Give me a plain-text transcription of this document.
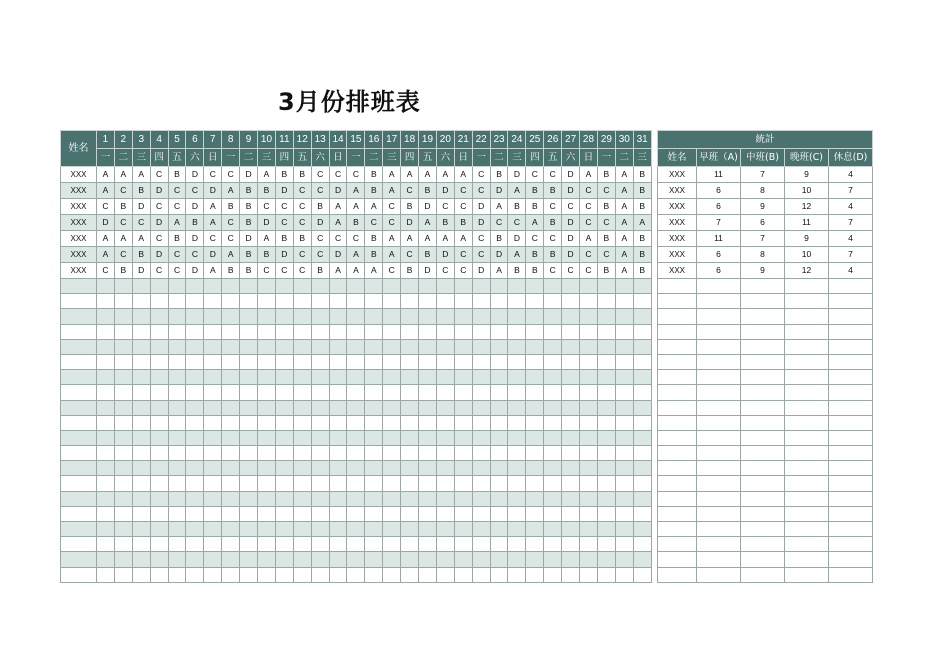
3月份排班表
姓名	1	2	3	4	5	6	7	8	9	10	11	12	13	14	15	16	17	18	19	20	21	22	23	24	25	26	27	28	29	30	31
	一	二	三	四	五	六	日	一	二	三	四	五	六	日	一	二	三	四	五	六	日	一	二	三	四	五	六	日	一	二	三
XXX	A	A	A	C	B	D	C	C	D	A	B	B	C	C	C	B	A	A	A	A	A	C	B	D	C	C	D	A	B	A	B
XXX	A	C	B	D	C	C	D	A	B	B	D	C	C	D	A	B	A	C	B	D	C	C	D	A	B	B	D	C	C	A	B
XXX	C	B	D	C	C	D	A	B	B	C	C	C	B	A	A	A	C	B	D	C	C	D	A	B	B	C	C	C	B	A	B
XXX	D	C	C	D	A	B	A	C	B	D	C	C	D	A	B	C	C	D	A	B	B	D	C	C	A	B	D	C	C	A	A
XXX	A	A	A	C	B	D	C	C	D	A	B	B	C	C	C	B	A	A	A	A	A	C	B	D	C	C	D	A	B	A	B
XXX	A	C	B	D	C	C	D	A	B	B	D	C	C	D	A	B	A	C	B	D	C	C	D	A	B	B	D	C	C	A	B
XXX	C	B	D	C	C	D	A	B	B	C	C	C	B	A	A	A	C	B	D	C	C	D	A	B	B	C	C	C	B	A	B

統計				
姓名	早班（A)	中班(B)	晚班(C)	休息(D)
XXX	11	7	9	4
XXX	6	8	10	7
XXX	6	9	12	4
XXX	7	6	11	7
XXX	11	7	9	4
XXX	6	8	10	7
XXX	6	9	12	4
